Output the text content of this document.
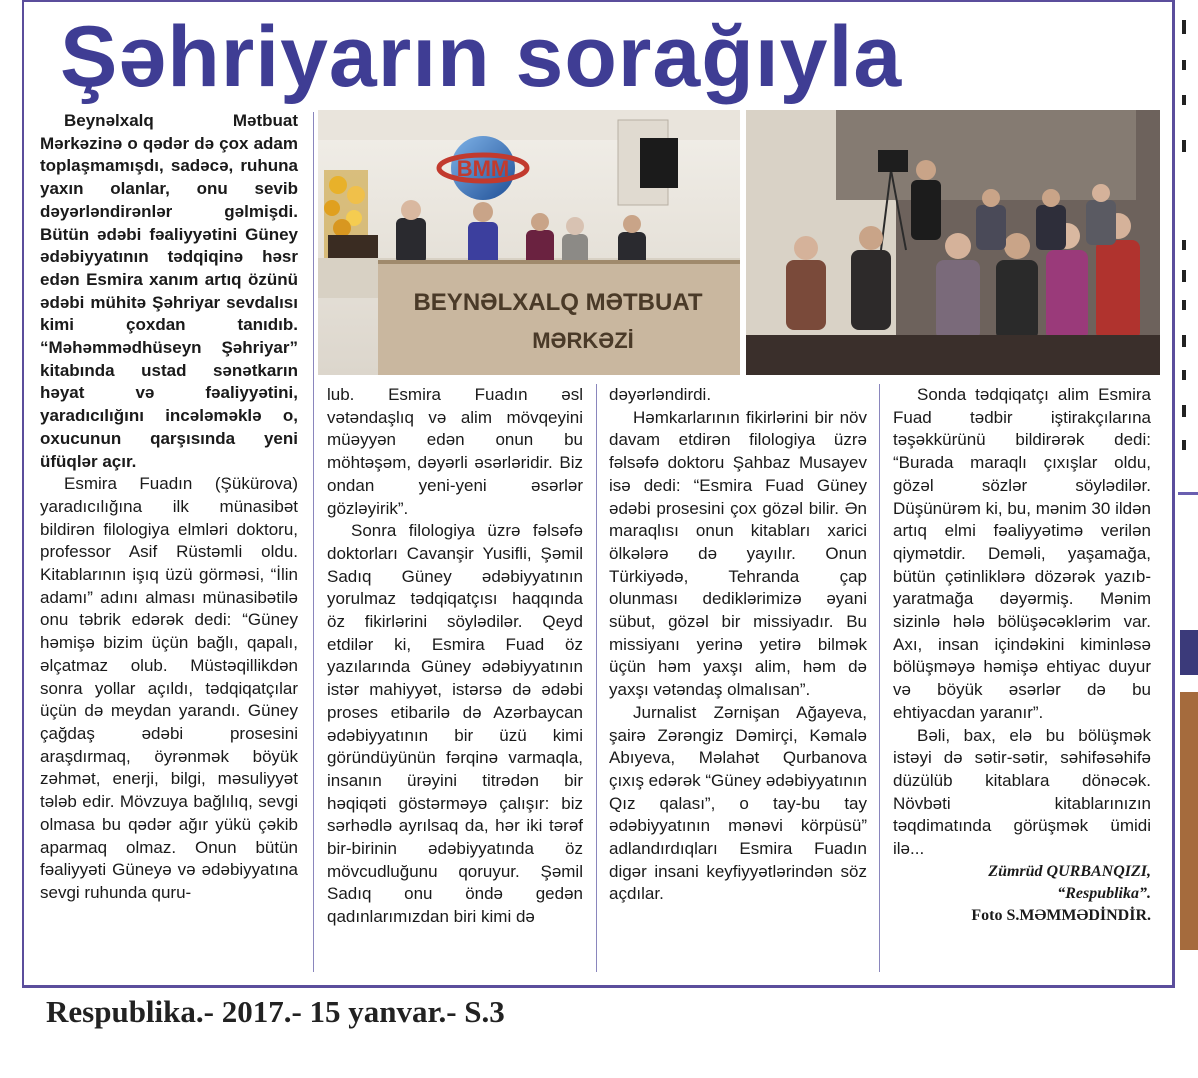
Şəhriyarın sorağıyla

Beynəlxalq Mətbuat Mərkəzinə o qədər də çox adam toplaşmamışdı, sadəcə, ruhuna yaxın olanlar, onu sevib dəyərləndirənlər gəlmişdi. Bütün ədəbi fəaliyyətini Güney ədəbiyyatının tədqiqinə həsr edən Esmira xanım artıq özünü ədəbi mühitə Şəhriyar sevdalısı kimi çoxdan tanıdıb. “Məhəmmədhüseyn Şəhriyar” kitabında ustad sənətkarın həyat və fəaliyyətini, yaradıcılığını incələməklə o, oxucunun qarşısında yeni üfüqlər açır.

Esmira Fuadın (Şükürova) yaradıcılığına ilk münasibət bildirən filologiya elmləri doktoru, professor Asif Rüstəmli oldu. Kitablarının işıq üzü görməsi, “İlin adamı” adını alması münasibətilə onu təbrik edərək dedi: “Güney həmişə bizim üçün bağlı, qapalı, əlçatmaz olub. Müstəqillikdən sonra yollar açıldı, tədqiqatçılar üçün də meydan yarandı. Güney çağdaş ədəbi prosesini araşdırmaq, öyrənmək böyük zəhmət, enerji, bilgi, məsuliyyət tələb edir. Mövzuya bağlılıq, sevgi olmasa bu qədər ağır yükü çəkib aparmaq olmaz. Onun bütün fəaliyyəti Güneyə və ədəbiyyatına sevgi ruhunda quru-

BMM
BEYNƏLXALQ MƏTBUAT
MƏRKƏZİ

lub. Esmira Fuadın əsl vətəndaşlıq və alim mövqeyini müəyyən edən onun bu möhtəşəm, dəyərli əsərləridir. Biz ondan yeni-yeni əsərlər gözləyirik”.

Sonra filologiya üzrə fəlsəfə doktorları Cavanşir Yusifli, Şəmil Sadıq Güney ədəbiyyatının yorulmaz tədqiqatçısı haqqında öz fikirlərini söylədilər. Qeyd etdilər ki, Esmira Fuad öz yazılarında Güney ədəbiyyatının istər mahiyyət, istərsə də ədəbi proses etibarilə də Azərbaycan ədəbiyyatının bir üzü kimi göründüyünün fərqinə varmaqla, insanın ürəyini titrədən bir həqiqəti göstərməyə çalışır: biz sərhədlə ayrılsaq da, hər iki tərəf bir-birinin ədəbiyyatında öz mövcudluğunu qoruyur. Şəmil Sadıq onu öndə gedən qadınlarımızdan biri kimi də

dəyərləndirdi.

Həmkarlarının fikirlərini bir növ davam etdirən filologiya üzrə fəlsəfə doktoru Şahbaz Musayev isə dedi: “Esmira Fuad Güney ədəbi prosesini çox gözəl bilir. Ən maraqlısı onun kitabları xarici ölkələrə də yayılır. Onun Türkiyədə, Tehranda çap olunması dediklərimizə əyani sübut, gözəl bir missiyadır. Bu missiyanı yerinə yetirə bilmək üçün həm yaxşı alim, həm də yaxşı vətəndaş olmalısan”.

Jurnalist Zərnişan Ağayeva, şairə Zərəngiz Dəmirçi, Kəmalə Abıyeva, Məlahət Qurbanova çıxış edərək “Güney ədəbiyyatının Qız qalası”, o tay-bu tay ədəbiyyatının mənəvi körpüsü” adlandırdıqları Esmira Fuadın digər insani keyfiyyətlərindən söz açdılar.

Sonda tədqiqatçı alim Esmira Fuad tədbir iştirakçılarına təşəkkürünü bildirərək dedi: “Burada maraqlı çıxışlar oldu, gözəl sözlər söylədilər. Düşünürəm ki, bu, mənim 30 ildən artıq elmi fəaliyyətimə verilən qiymətdir. Deməli, yaşamağa, bütün çətinliklərə dözərək yazıb-yaratmağa dəyərmiş. Mənim sizinlə hələ bölüşəcəklərim var. Axı, insan içindəkini kiminləsə bölüşməyə həmişə ehtiyac duyur və böyük əsərlər də bu ehtiyacdan yaranır”.

Bəli, bax, elə bu bölüşmək istəyi də sətir-sətir, səhifəsəhifə düzülüb kitablara dönəcək. Növbəti kitablarınızın təqdimatında görüşmək ümidi ilə...

Zümrüd QURBANQIZI,
“Respublika”.
Foto S.MƏMMƏDİNDİR.
Respublika.- 2017.- 15 yanvar.- S.3
